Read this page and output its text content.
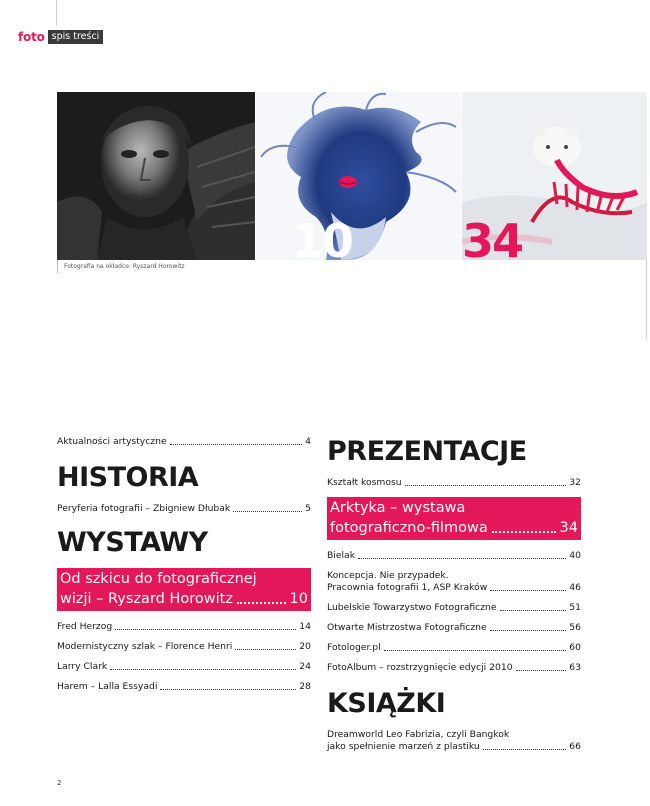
foto spis treści
10 34
Fotografia na okładce: Ryszard Horowitz
Aktualności artystyczne	4
HISTORIA
Peryferia fotografii – Zbigniew Dłubak	5
WYSTAWY
Od szkicu do fotograficznej
wizji – Ryszard Horowitz	10
Fred Herzog	14
Modernistyczny szlak – Florence Henri	20
Larry Clark	24
Harem – Lalla Essyadi	28
PREZENTACJE
Kształt kosmosu	32
Arktyka – wystawa
fotograficzno-filmowa	34
Bielak	40
Koncepcja. Nie przypadek.
Pracownia fotografii 1, ASP Kraków	46
Lubelskie Towarzystwo Fotograficzne	51
Otwarte Mistrzostwa Fotograficzne	56
Fotologer.pl	60
FotoAlbum – rozstrzygnięcie edycji 2010	63
KSIĄŻKI
Dreamworld Leo Fabrizia, czyli Bangkok
jako spełnienie marzeń z plastiku	66
2
